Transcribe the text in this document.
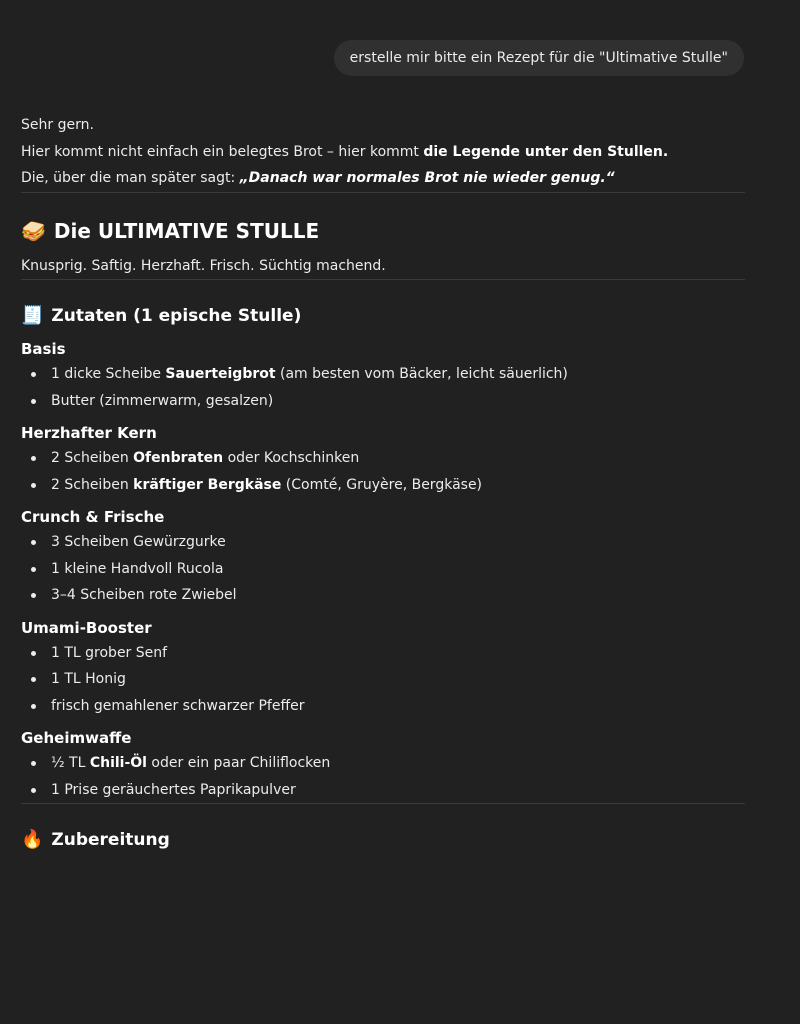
erstelle mir bitte ein Rezept für die "Ultimative Stulle"

Sehr gern.

Hier kommt nicht einfach ein belegtes Brot – hier kommt die Legende unter den Stullen.

Die, über die man später sagt: „Danach war normales Brot nie wieder genug.“

🥪 Die ULTIMATIVE STULLE

Knusprig. Saftig. Herzhaft. Frisch. Süchtig machend.

🧾 Zutaten (1 epische Stulle)
Basis
1 dicke Scheibe Sauerteigbrot (am besten vom Bäcker, leicht säuerlich)
Butter (zimmerwarm, gesalzen)
Herzhafter Kern
2 Scheiben Ofenbraten oder Kochschinken
2 Scheiben kräftiger Bergkäse (Comté, Gruyère, Bergkäse)
Crunch & Frische
3 Scheiben Gewürzgurke
1 kleine Handvoll Rucola
3–4 Scheiben rote Zwiebel
Umami-Booster
1 TL grober Senf
1 TL Honig
frisch gemahlener schwarzer Pfeffer
Geheimwaffe
½ TL Chili-Öl oder ein paar Chiliflocken
1 Prise geräuchertes Paprikapulver
🔥 Zubereitung
